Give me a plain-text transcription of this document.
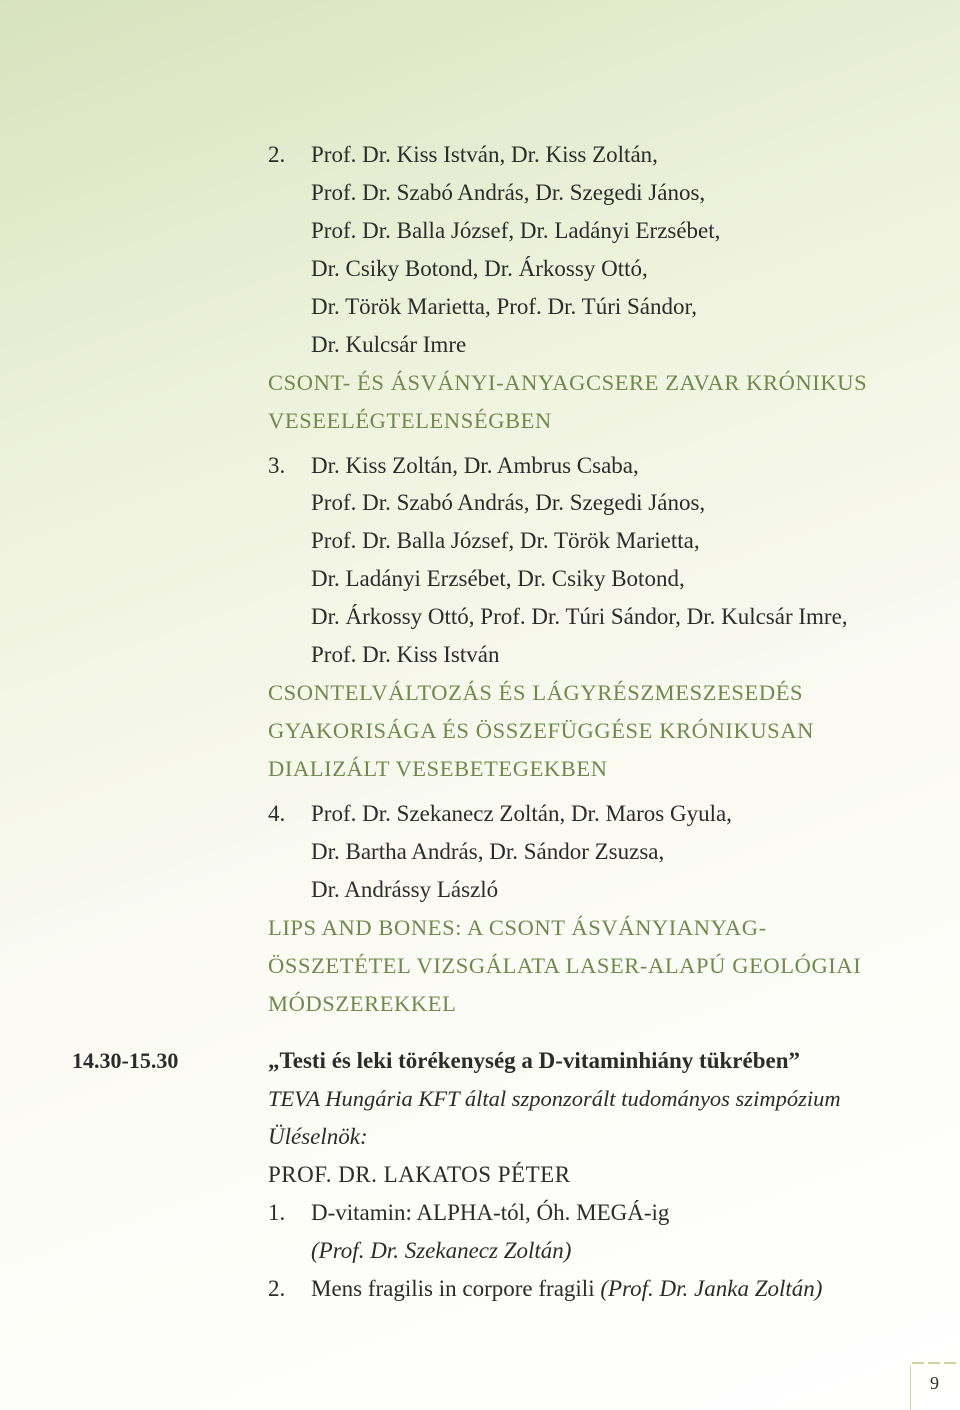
2. Prof. Dr. Kiss István, Dr. Kiss Zoltán,
Prof. Dr. Szabó András, Dr. Szegedi János,
Prof. Dr. Balla József, Dr. Ladányi Erzsébet,
Dr. Csiky Botond, Dr. Árkossy Ottó,
Dr. Török Marietta, Prof. Dr. Túri Sándor,
Dr. Kulcsár Imre
CSONT- ÉS ÁSVÁNYI-ANYAGCSERE ZAVAR KRÓNIKUS
VESEELÉGTELENSÉGBEN
3. Dr. Kiss Zoltán, Dr. Ambrus Csaba,
Prof. Dr. Szabó András, Dr. Szegedi János,
Prof. Dr. Balla József, Dr. Török Marietta,
Dr. Ladányi Erzsébet, Dr. Csiky Botond,
Dr. Árkossy Ottó, Prof. Dr. Túri Sándor, Dr. Kulcsár Imre,
Prof. Dr. Kiss István
CSONTELVÁLTOZÁS ÉS LÁGYRÉSZMESZESEDÉS
GYAKORISÁGA ÉS ÖSSZEFÜGGÉSE KRÓNIKUSAN
DIALIZÁLT VESEBETEGEKBEN
4. Prof. Dr. Szekanecz Zoltán, Dr. Maros Gyula,
Dr. Bartha András, Dr. Sándor Zsuzsa,
Dr. Andrássy László
LIPS AND BONES: A CSONT ÁSVÁNYIANYAG-
ÖSSZETÉTEL VIZSGÁLATA LASER-ALAPÚ GEOLÓGIAI
MÓDSZEREKKEL
14.30-15.30	„Testi és leki törékenység a D-vitaminhiány tükrében”
TEVA Hungária KFT által szponzorált tudományos szimpózium
Üléselnök:
PROF. DR. LAKATOS PÉTER
1. D-vitamin: ALPHA-tól, Óh. MEGÁ-ig
(Prof. Dr. Szekanecz Zoltán)
2. Mens fragilis in corpore fragili (Prof. Dr. Janka Zoltán)
9
